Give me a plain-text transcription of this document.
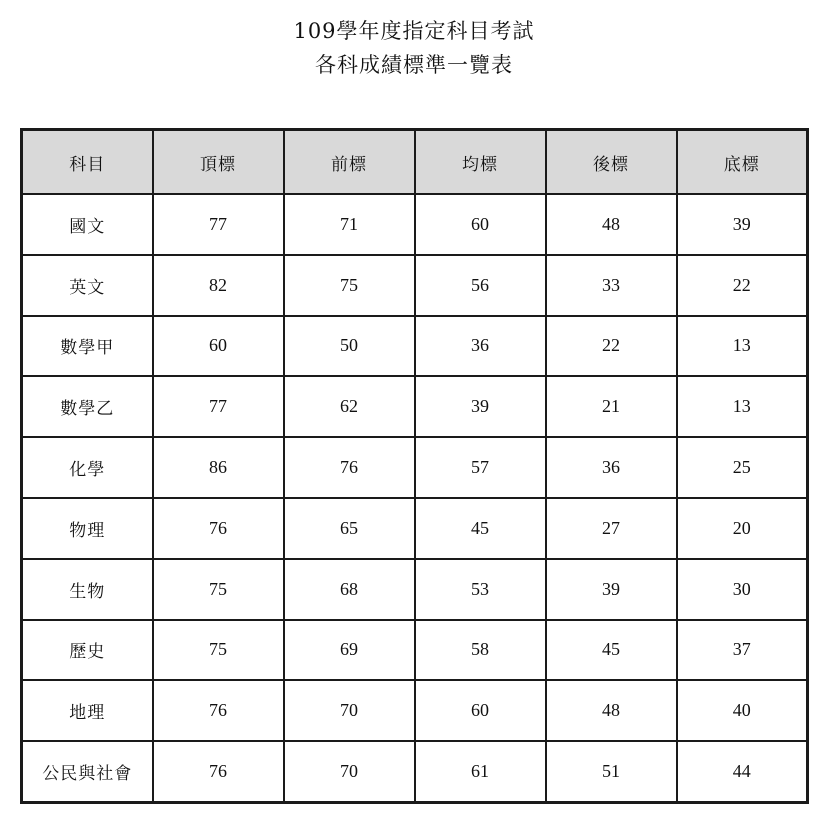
109學年度指定科目考試
各科成績標準一覽表
科目	頂標	前標	均標	後標	底標
國文	77	71	60	48	39
英文	82	75	56	33	22
數學甲	60	50	36	22	13
數學乙	77	62	39	21	13
化學	86	76	57	36	25
物理	76	65	45	27	20
生物	75	68	53	39	30
歷史	75	69	58	45	37
地理	76	70	60	48	40
公民與社會	76	70	61	51	44
